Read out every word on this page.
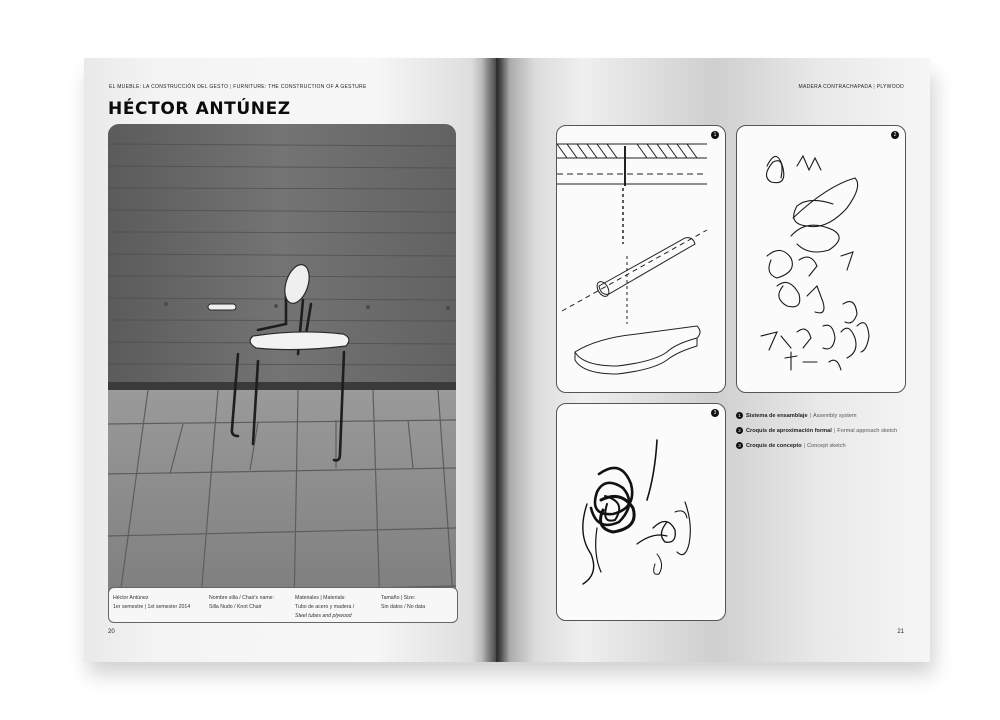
EL MUEBLE: LA CONSTRUCCIÓN DEL GESTO | FURNITURE: THE CONSTRUCTION OF A GESTURE
HÉCTOR ANTÚNEZ
Héctor Antúnez
1er semestre | 1st semester 2014
Nombre silla / Chair's name:
Silla Nudo / Knot Chair
Materiales | Materials:
Tubo de acero y madera /
Steel tubes and plywood
Tamaño | Size:
Sin datos / No data
20
MADERA CONTRACHAPADA | PLYWOOD
1	2
3	1 Sistema de ensamblaje | Assembly system
2 Croquis de aproximación formal | Formal approach sketch
3 Croquis de concepto | Concept sketch
21
